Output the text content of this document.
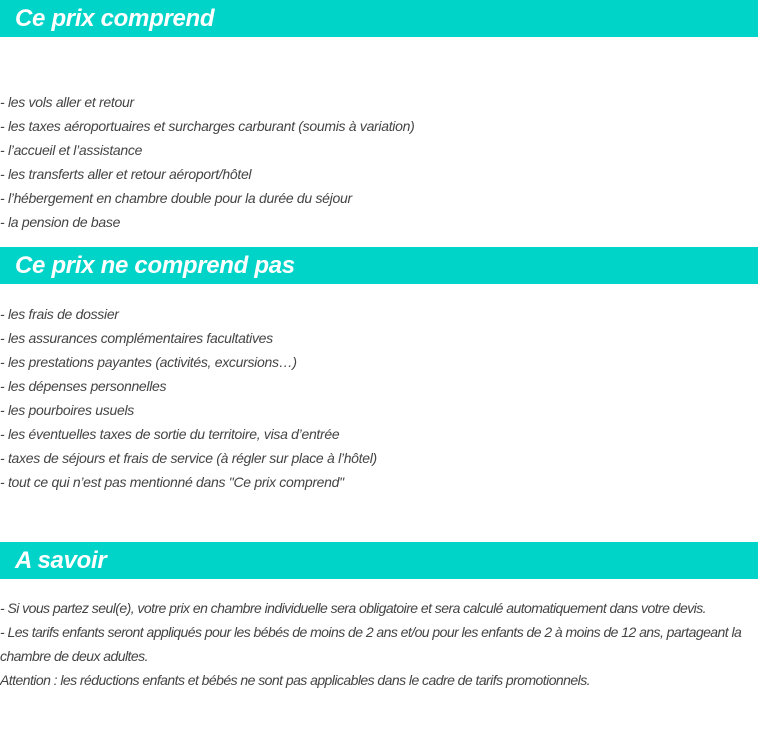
Ce prix comprend
- les vols aller et retour
- les taxes aéroportuaires et surcharges carburant (soumis à variation)
- l’accueil et l’assistance
- les transferts aller et retour aéroport/hôtel
- l’hébergement en chambre double pour la durée du séjour
- la pension de base
Ce prix ne comprend pas
- les frais de dossier
- les assurances complémentaires facultatives
- les prestations payantes (activités, excursions…)
- les dépenses personnelles
- les pourboires usuels
- les éventuelles taxes de sortie du territoire, visa d’entrée
- taxes de séjours et frais de service (à régler sur place à l’hôtel)
- tout ce qui n’est pas mentionné dans "Ce prix comprend"
A savoir

- Si vous partez seul(e), votre prix en chambre individuelle sera obligatoire et sera calculé automatiquement dans votre devis.
- Les tarifs enfants seront appliqués pour les bébés de moins de 2 ans et/ou pour les enfants de 2 à moins de 12 ans, partageant la chambre de deux adultes.
Attention : les réductions enfants et bébés ne sont pas applicables dans le cadre de tarifs promotionnels.
